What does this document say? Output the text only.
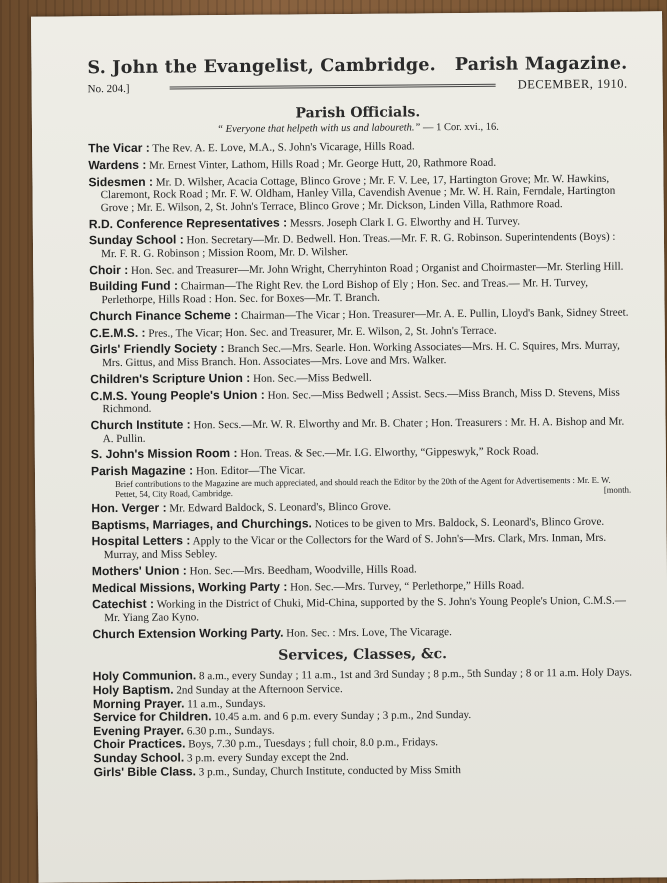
S. John the Evangelist, Cambridge. Parish Magazine.
No. 204.]	DECEMBER, 1910.
Parish Officials.
“ Everyone that helpeth with us and laboureth.” — 1 Cor. xvi., 16.

The Vicar : The Rev. A. E. Love, M.A., S. John's Vicarage, Hills Road.

Wardens : Mr. Ernest Vinter, Lathom, Hills Road ; Mr. George Hutt, 20, Rathmore Road.

Sidesmen : Mr. D. Wilsher, Acacia Cottage, Blinco Grove ; Mr. F. V. Lee, 17, Hartington Grove; Mr. W. Hawkins, Claremont, Rock Road ; Mr. F. W. Oldham, Hanley Villa, Cavendish Avenue ; Mr. W. H. Rain, Ferndale, Hartington Grove ; Mr. E. Wilson, 2, St. John's Terrace, Blinco Grove ; Mr. Dickson, Linden Villa, Rathmore Road.

R.D. Conference Representatives : Messrs. Joseph Clark I. G. Elworthy and H. Turvey.

Sunday School : Hon. Secretary—Mr. D. Bedwell. Hon. Treas.—Mr. F. R. G. Robinson. Superintendents (Boys) : Mr. F. R. G. Robinson ; Mission Room, Mr. D. Wilsher.

Choir : Hon. Sec. and Treasurer—Mr. John Wright, Cherryhinton Road ; Organist and Choirmaster—Mr. Sterling Hill.

Building Fund : Chairman—The Right Rev. the Lord Bishop of Ely ; Hon. Sec. and Treas.— Mr. H. Turvey, Perlethorpe, Hills Road : Hon. Sec. for Boxes—Mr. T. Branch.

Church Finance Scheme : Chairman—The Vicar ; Hon. Treasurer—Mr. A. E. Pullin, Lloyd's Bank, Sidney Street.

C.E.M.S. : Pres., The Vicar; Hon. Sec. and Treasurer, Mr. E. Wilson, 2, St. John's Terrace.

Girls' Friendly Society : Branch Sec.—Mrs. Searle. Hon. Working Associates—Mrs. H. C. Squires, Mrs. Murray, Mrs. Gittus, and Miss Branch. Hon. Associates—Mrs. Love and Mrs. Walker.

Children's Scripture Union : Hon. Sec.—Miss Bedwell.

C.M.S. Young People's Union : Hon. Sec.—Miss Bedwell ; Assist. Secs.—Miss Branch, Miss D. Stevens, Miss Richmond.

Church Institute : Hon. Secs.—Mr. W. R. Elworthy and Mr. B. Chater ; Hon. Treasurers : Mr. H. A. Bishop and Mr. A. Pullin.

S. John's Mission Room : Hon. Treas. & Sec.—Mr. I.G. Elworthy, “Gippeswyk,” Rock Road.

Parish Magazine : Hon. Editor—The Vicar.
Brief contributions to the Magazine are much appreciated, and should reach the Editor by the 20th of the Agent for Advertisements : Mr. E. W. Pettet, 54, City Road, Cambridge.	[month.

Hon. Verger : Mr. Edward Baldock, S. Leonard's, Blinco Grove.

Baptisms, Marriages, and Churchings. Notices to be given to Mrs. Baldock, S. Leonard's, Blinco Grove.

Hospital Letters : Apply to the Vicar or the Collectors for the Ward of S. John's—Mrs. Clark, Mrs. Inman, Mrs. Murray, and Miss Sebley.

Mothers' Union : Hon. Sec.—Mrs. Beedham, Woodville, Hills Road.

Medical Missions, Working Party : Hon. Sec.—Mrs. Turvey, “ Perlethorpe,” Hills Road.

Catechist : Working in the District of Chuki, Mid-China, supported by the S. John's Young People's Union, C.M.S.—Mr. Yiang Zao Kyno.

Church Extension Working Party. Hon. Sec. : Mrs. Love, The Vicarage.

Services, Classes, &c.

Holy Communion. 8 a.m., every Sunday ; 11 a.m., 1st and 3rd Sunday ; 8 p.m., 5th Sunday ; 8 or 11 a.m. Holy Days.

Holy Baptism. 2nd Sunday at the Afternoon Service.

Morning Prayer. 11 a.m., Sundays.

Service for Children. 10.45 a.m. and 6 p.m. every Sunday ; 3 p.m., 2nd Sunday.

Evening Prayer. 6.30 p.m., Sundays.

Choir Practices. Boys, 7.30 p.m., Tuesdays ; full choir, 8.0 p.m., Fridays.

Sunday School. 3 p.m. every Sunday except the 2nd.

Girls' Bible Class. 3 p.m., Sunday, Church Institute, conducted by Miss Smith
